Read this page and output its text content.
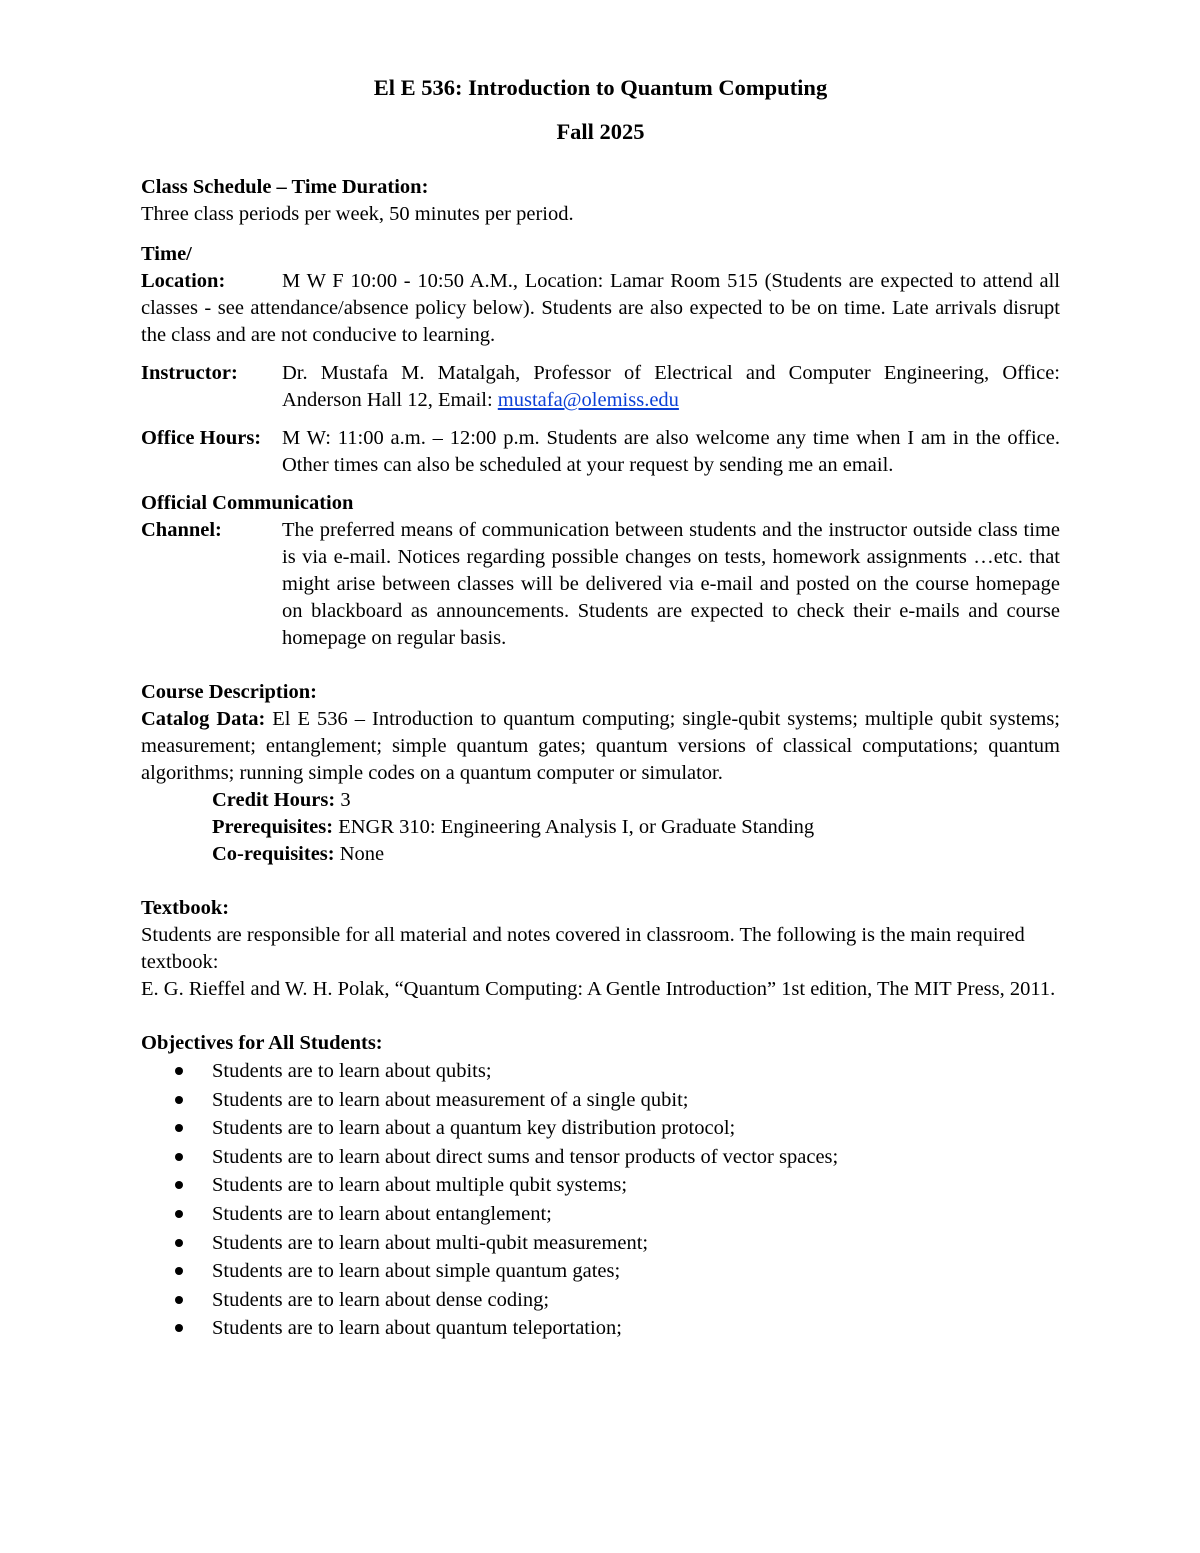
El E 536: Introduction to Quantum Computing

Fall 2025

Class Schedule – Time Duration:

Three class periods per week, 50 minutes per period.

Time/

Location:	M W F 10:00 - 10:50 A.M., Location: Lamar Room 515 (Students are expected to attend all classes - see attendance/absence policy below). Students are also expected to be on time. Late arrivals disrupt the class and are not conducive to learning.

Instructor:	Dr. Mustafa M. Matalgah, Professor of Electrical and Computer Engineering, Office: Anderson Hall 12, Email: mustafa@olemiss.edu
Office Hours:	M W: 11:00 a.m. – 12:00 p.m. Students are also welcome any time when I am in the office. Other times can also be scheduled at your request by sending me an email.

Official Communication

Channel:	The preferred means of communication between students and the instructor outside class time is via e-mail. Notices regarding possible changes on tests, homework assignments …etc. that might arise between classes will be delivered via e-mail and posted on the course homepage on blackboard as announcements. Students are expected to check their e-mails and course homepage on regular basis.

Course Description:

Catalog Data: El E 536 – Introduction to quantum computing; single-qubit systems; multiple qubit systems; measurement; entanglement; simple quantum gates; quantum versions of classical computations; quantum algorithms; running simple codes on a quantum computer or simulator.

Credit Hours: 3

Prerequisites: ENGR 310: Engineering Analysis I, or Graduate Standing

Co-requisites: None

Textbook:

Students are responsible for all material and notes covered in classroom. The following is the main required textbook:

E. G. Rieffel and W. H. Polak, “Quantum Computing: A Gentle Introduction” 1st edition, The MIT Press, 2011.

Objectives for All Students:

Students are to learn about qubits;
Students are to learn about measurement of a single qubit;
Students are to learn about a quantum key distribution protocol;
Students are to learn about direct sums and tensor products of vector spaces;
Students are to learn about multiple qubit systems;
Students are to learn about entanglement;
Students are to learn about multi-qubit measurement;
Students are to learn about simple quantum gates;
Students are to learn about dense coding;
Students are to learn about quantum teleportation;
